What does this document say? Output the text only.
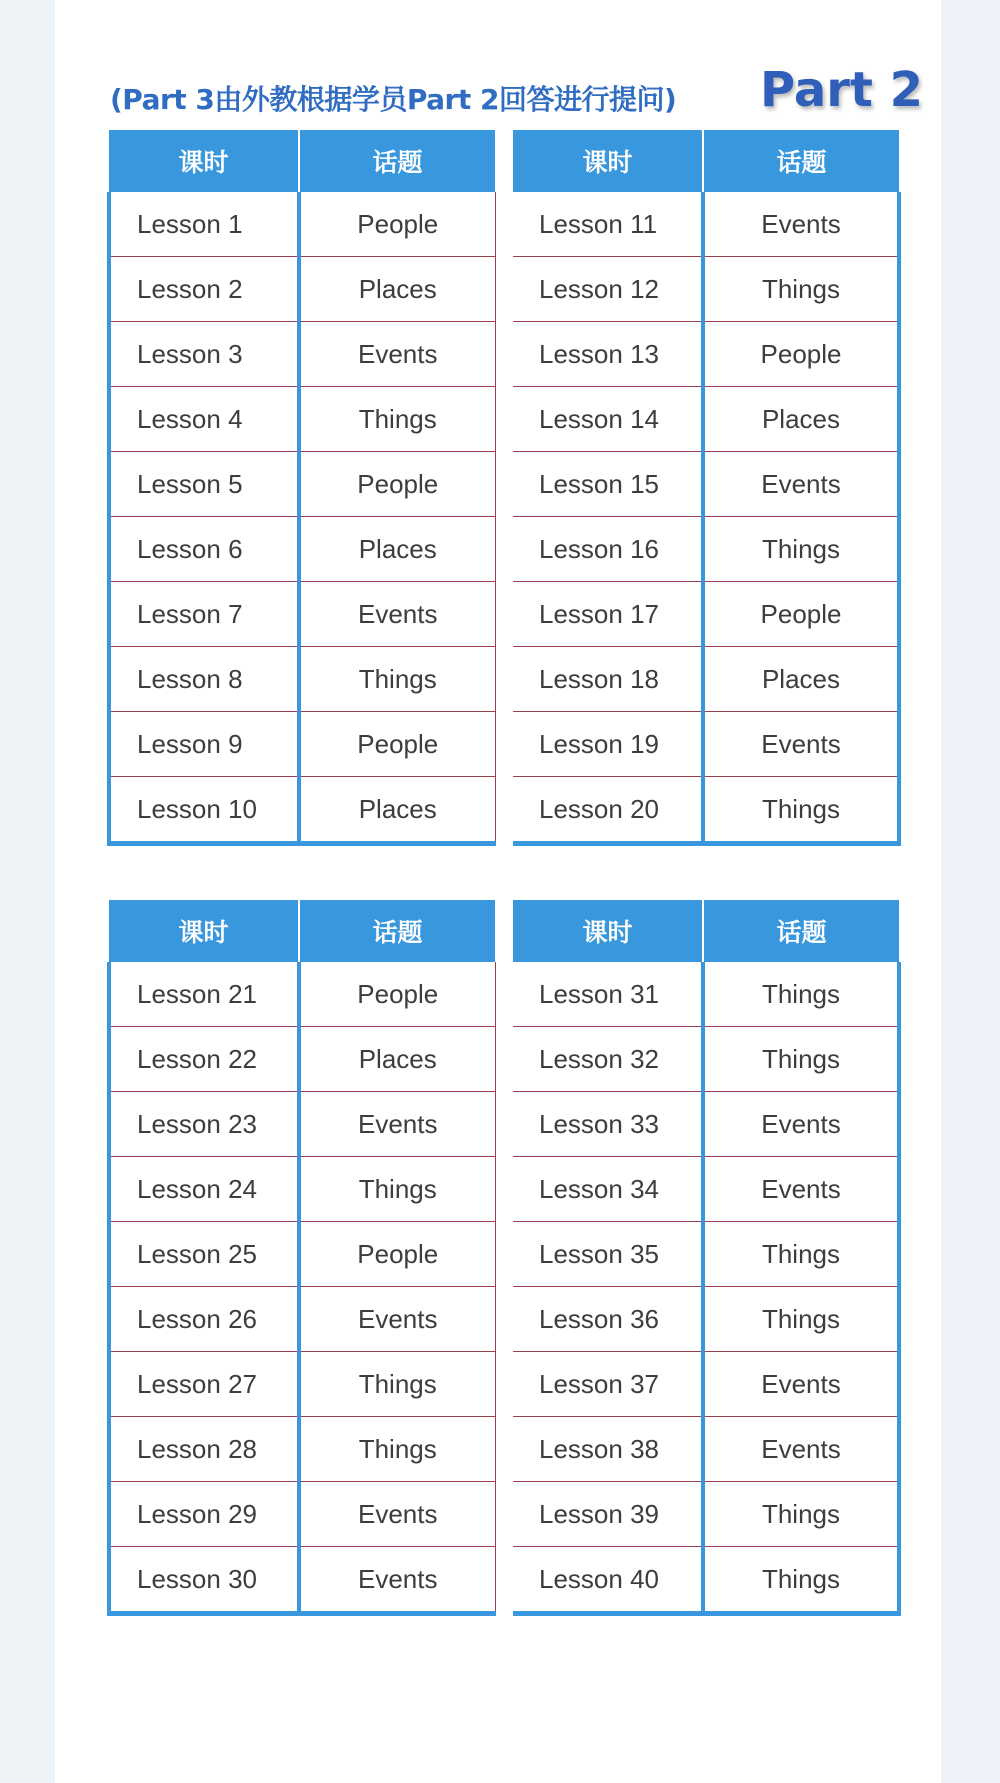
(Part 3由外教根据学员Part 2回答进行提问) Part 2
课时	话题
Lesson 1	People
Lesson 2	Places
Lesson 3	Events
Lesson 4	Things
Lesson 5	People
Lesson 6	Places
Lesson 7	Events
Lesson 8	Things
Lesson 9	People
Lesson 10	Places
课时	话题
Lesson 11	Events
Lesson 12	Things
Lesson 13	People
Lesson 14	Places
Lesson 15	Events
Lesson 16	Things
Lesson 17	People
Lesson 18	Places
Lesson 19	Events
Lesson 20	Things
课时	话题
Lesson 21	People
Lesson 22	Places
Lesson 23	Events
Lesson 24	Things
Lesson 25	People
Lesson 26	Events
Lesson 27	Things
Lesson 28	Things
Lesson 29	Events
Lesson 30	Events
课时	话题
Lesson 31	Things
Lesson 32	Things
Lesson 33	Events
Lesson 34	Events
Lesson 35	Things
Lesson 36	Things
Lesson 37	Events
Lesson 38	Events
Lesson 39	Things
Lesson 40	Things
